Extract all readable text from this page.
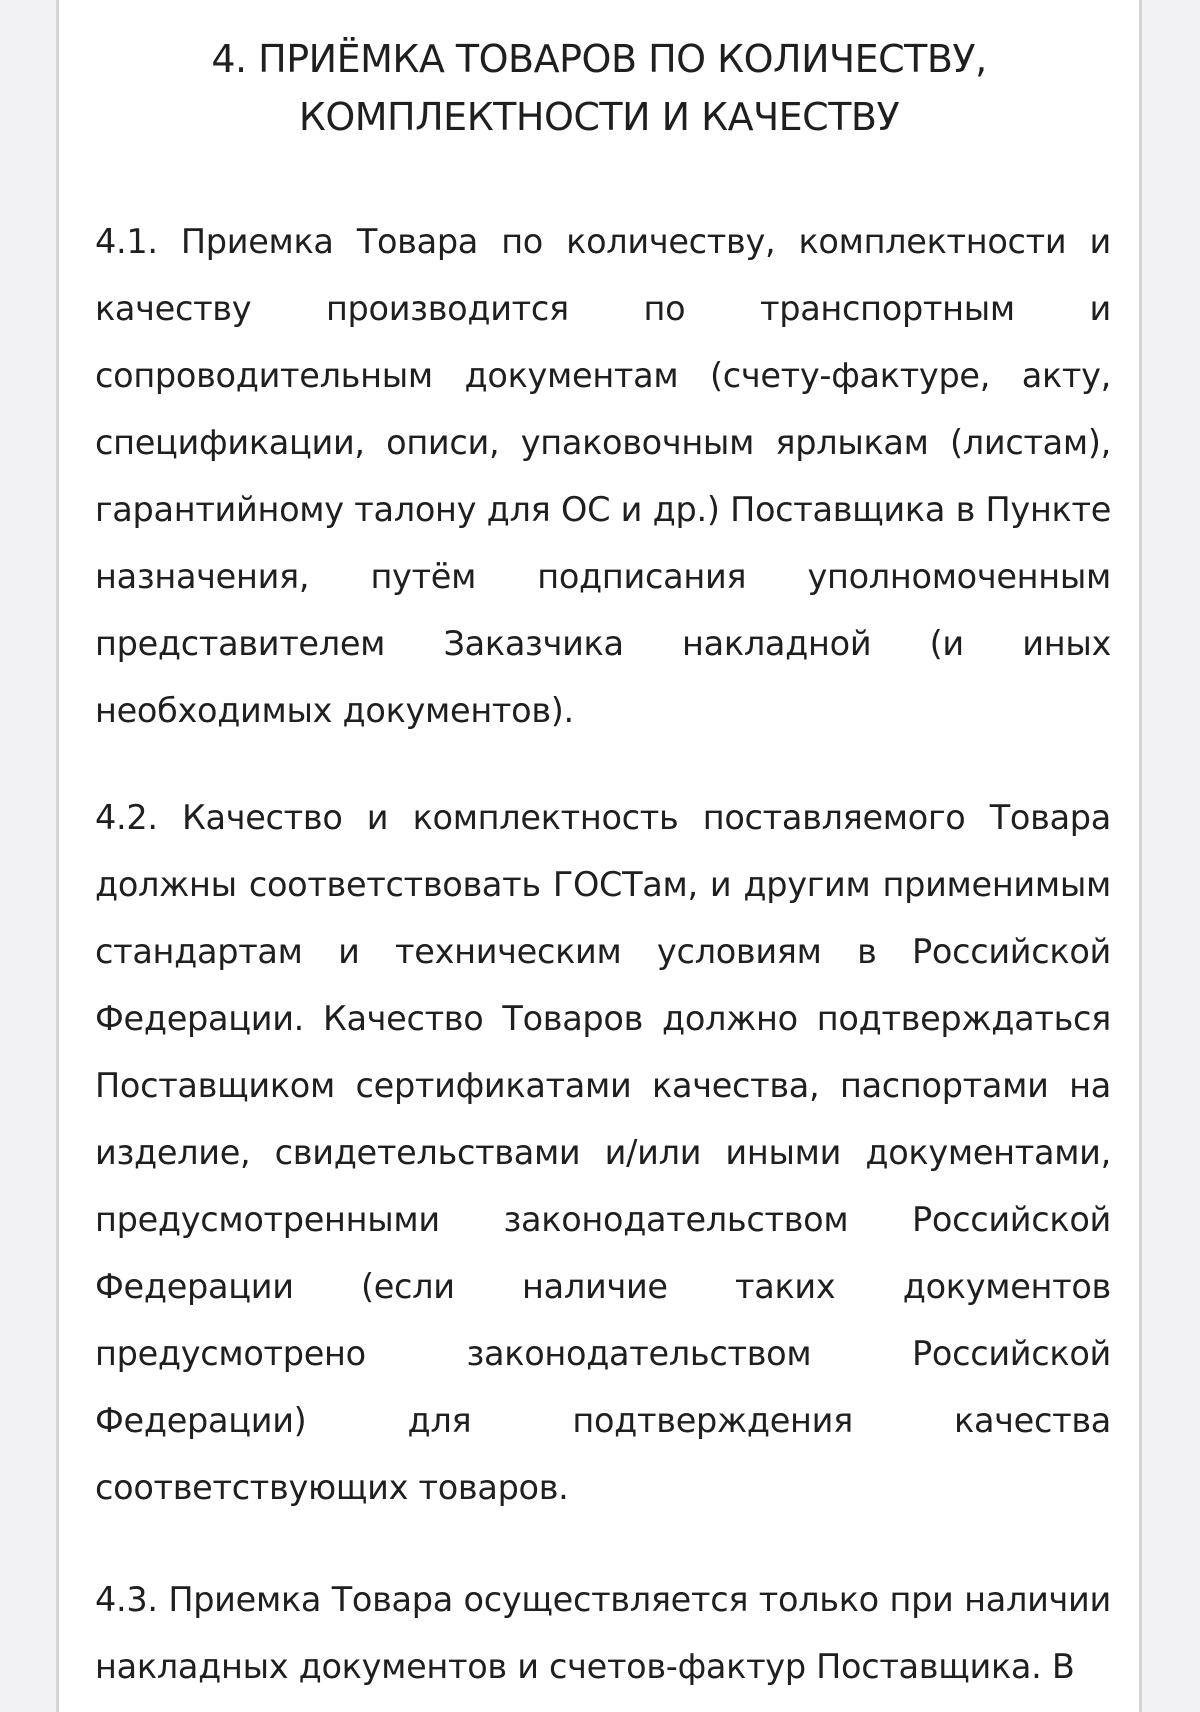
4. ПРИЁМКА ТОВАРОВ ПО КОЛИЧЕСТВУ,
КОМПЛЕКТНОСТИ И КАЧЕСТВУ

4.1. Приемка Товара по количеству, комплектности и качеству производится по транспортным и сопроводительным документам (счету-фактуре, акту, спецификации, описи, упаковочным ярлыкам (листам), гарантийному талону для ОС и др.) Поставщика в Пункте назначения, путём подписания уполномоченным представителем Заказчика накладной (и иных необходимых документов).

4.2. Качество и комплектность поставляемого Товара должны соответствовать ГОСТам, и другим применимым стандартам и техническим условиям в Российской Федерации. Качество Товаров должно подтверждаться Поставщиком сертификатами качества, паспортами на изделие, свидетельствами и/или иными документами, предусмотренными законодательством Российской Федерации (если наличие таких документов предусмотрено законодательством Российской Федерации) для подтверждения качества соответствующих товаров.

4.3. Приемка Товара осуществляется только при наличии накладных документов и счетов-фактур Поставщика. В
